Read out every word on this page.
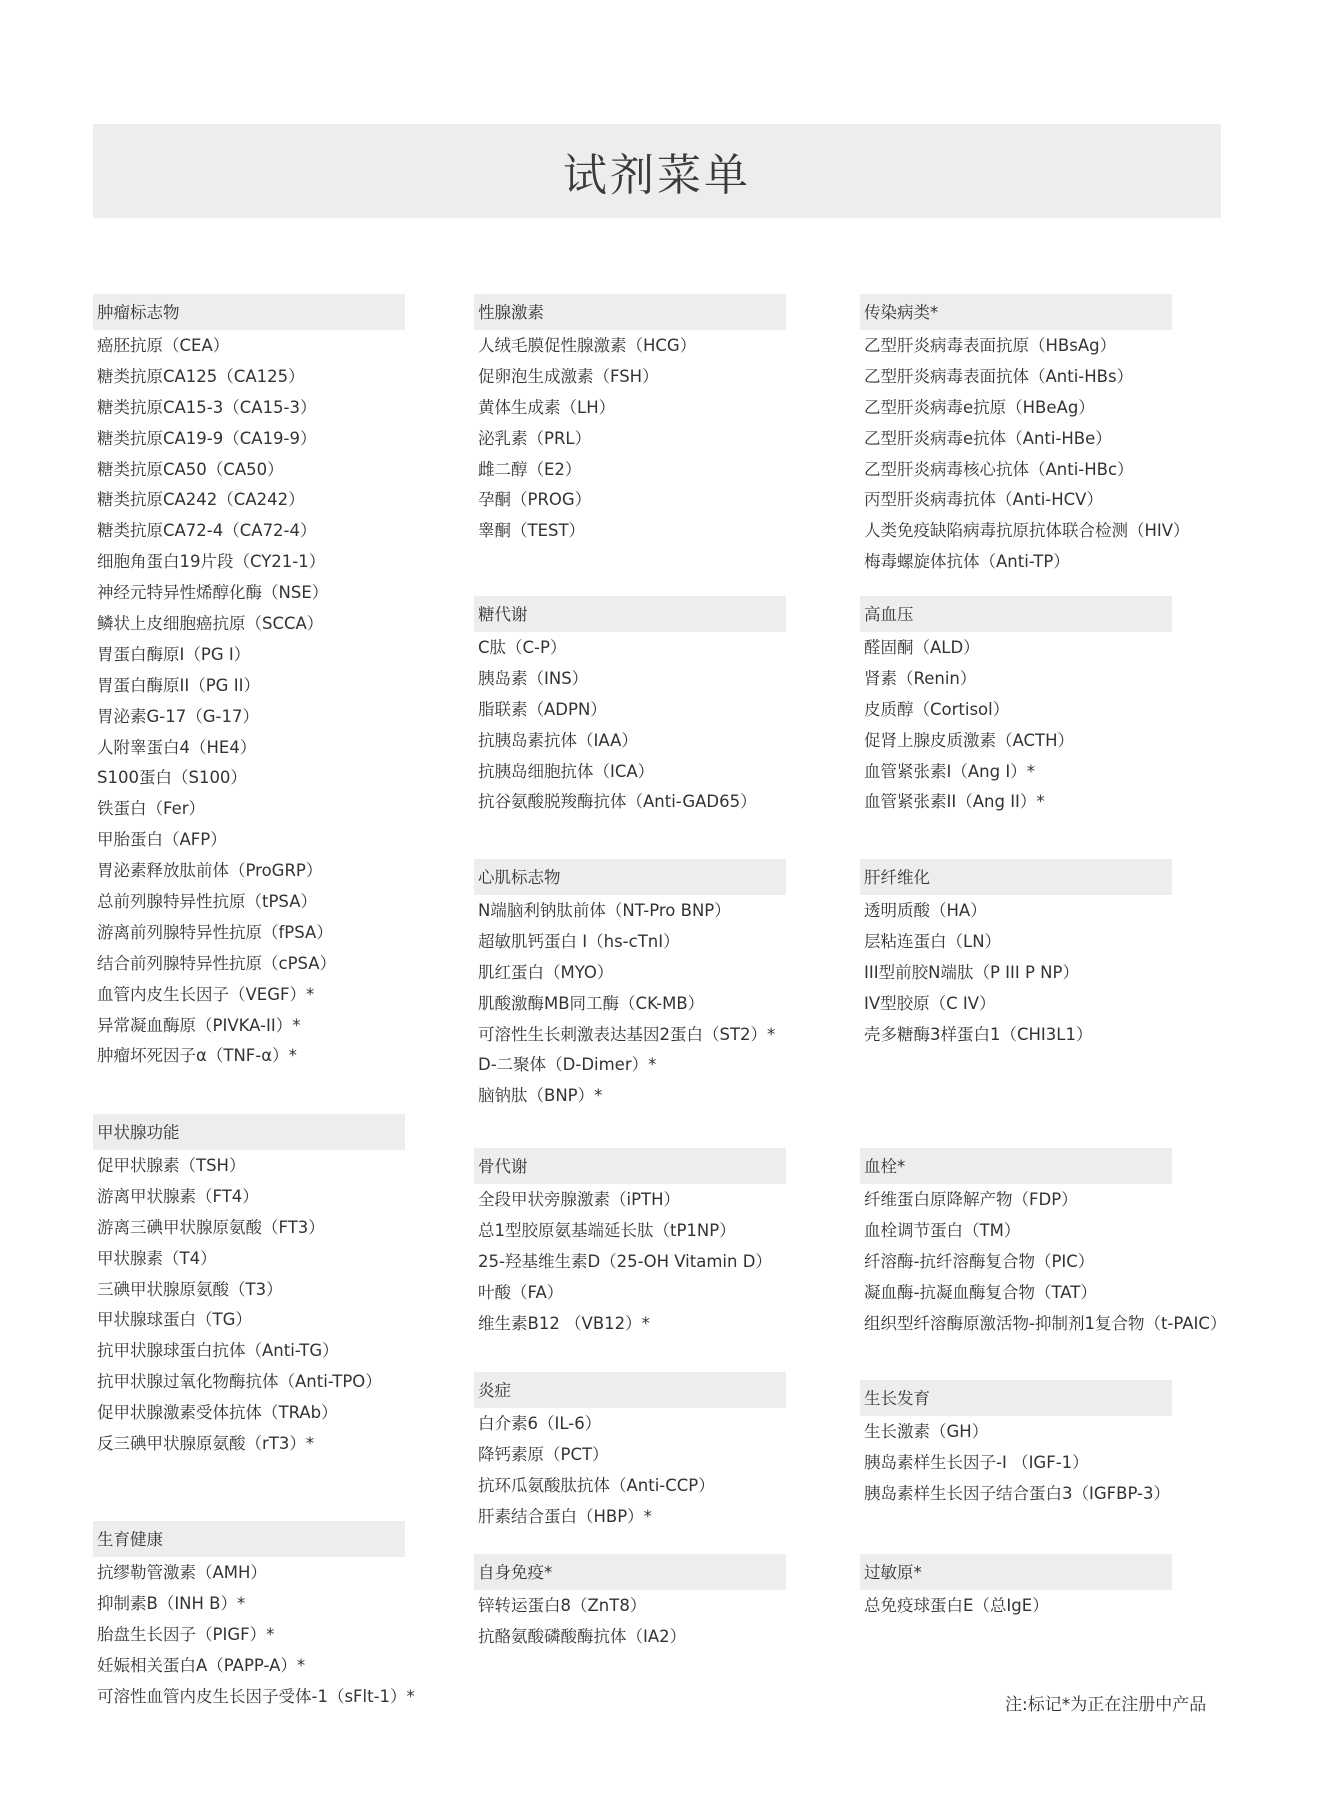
试剂菜单
肿瘤标志物
癌胚抗原（CEA）
糖类抗原CA125（CA125）
糖类抗原CA15-3（CA15-3）
糖类抗原CA19-9（CA19-9）
糖类抗原CA50（CA50）
糖类抗原CA242（CA242）
糖类抗原CA72-4（CA72-4）
细胞角蛋白19片段（CY21-1）
神经元特异性烯醇化酶（NSE）
鳞状上皮细胞癌抗原（SCCA）
胃蛋白酶原I（PG I）
胃蛋白酶原II（PG II）
胃泌素G-17（G-17）
人附睾蛋白4（HE4）
S100蛋白（S100）
铁蛋白（Fer）
甲胎蛋白（AFP）
胃泌素释放肽前体（ProGRP）
总前列腺特异性抗原（tPSA）
游离前列腺特异性抗原（fPSA）
结合前列腺特异性抗原（cPSA）
血管内皮生长因子（VEGF）*
异常凝血酶原（PIVKA-II）*
肿瘤坏死因子α（TNF-α）*
甲状腺功能
促甲状腺素（TSH）
游离甲状腺素（FT4）
游离三碘甲状腺原氨酸（FT3）
甲状腺素（T4）
三碘甲状腺原氨酸（T3）
甲状腺球蛋白（TG）
抗甲状腺球蛋白抗体（Anti-TG）
抗甲状腺过氧化物酶抗体（Anti-TPO）
促甲状腺激素受体抗体（TRAb）
反三碘甲状腺原氨酸（rT3）*
生育健康
抗缪勒管激素（AMH）
抑制素B（INH B）*
胎盘生长因子（PIGF）*
妊娠相关蛋白A（PAPP-A）*
可溶性血管内皮生长因子受体-1（sFlt-1）*
性腺激素
人绒毛膜促性腺激素（HCG）
促卵泡生成激素（FSH）
黄体生成素（LH）
泌乳素（PRL）
雌二醇（E2）
孕酮（PROG）
睾酮（TEST）
糖代谢
C肽（C-P）
胰岛素（INS）
脂联素（ADPN）
抗胰岛素抗体（IAA）
抗胰岛细胞抗体（ICA）
抗谷氨酸脱羧酶抗体（Anti-GAD65）
心肌标志物
N端脑利钠肽前体（NT-Pro BNP）
超敏肌钙蛋白 I（hs-cTnI）
肌红蛋白（MYO）
肌酸激酶MB同工酶（CK-MB）
可溶性生长刺激表达基因2蛋白（ST2）*
D-二聚体（D-Dimer）*
脑钠肽（BNP）*
骨代谢
全段甲状旁腺激素（iPTH）
总1型胶原氨基端延长肽（tP1NP）
25-羟基维生素D（25-OH Vitamin D）
叶酸（FA）
维生素B12 （VB12）*
炎症
白介素6（IL-6）
降钙素原（PCT）
抗环瓜氨酸肽抗体（Anti-CCP）
肝素结合蛋白（HBP）*
自身免疫*
锌转运蛋白8（ZnT8）
抗酪氨酸磷酸酶抗体（IA2）
传染病类*
乙型肝炎病毒表面抗原（HBsAg）
乙型肝炎病毒表面抗体（Anti-HBs）
乙型肝炎病毒e抗原（HBeAg）
乙型肝炎病毒e抗体（Anti-HBe）
乙型肝炎病毒核心抗体（Anti-HBc）
丙型肝炎病毒抗体（Anti-HCV）
人类免疫缺陷病毒抗原抗体联合检测（HIV）
梅毒螺旋体抗体（Anti-TP）
高血压
醛固酮（ALD）
肾素（Renin）
皮质醇（Cortisol）
促肾上腺皮质激素（ACTH）
血管紧张素I（Ang I）*
血管紧张素II（Ang II）*
肝纤维化
透明质酸（HA）
层粘连蛋白（LN）
III型前胶N端肽（P III P NP）
IV型胶原（C IV）
壳多糖酶3样蛋白1（CHI3L1）
血栓*
纤维蛋白原降解产物（FDP）
血栓调节蛋白（TM）
纤溶酶-抗纤溶酶复合物（PIC）
凝血酶-抗凝血酶复合物（TAT）
组织型纤溶酶原激活物-抑制剂1复合物（t-PAIC）
生长发育
生长激素（GH）
胰岛素样生长因子-I （IGF-1）
胰岛素样生长因子结合蛋白3（IGFBP-3）
过敏原*
总免疫球蛋白E（总IgE）
注:标记*为正在注册中产品
